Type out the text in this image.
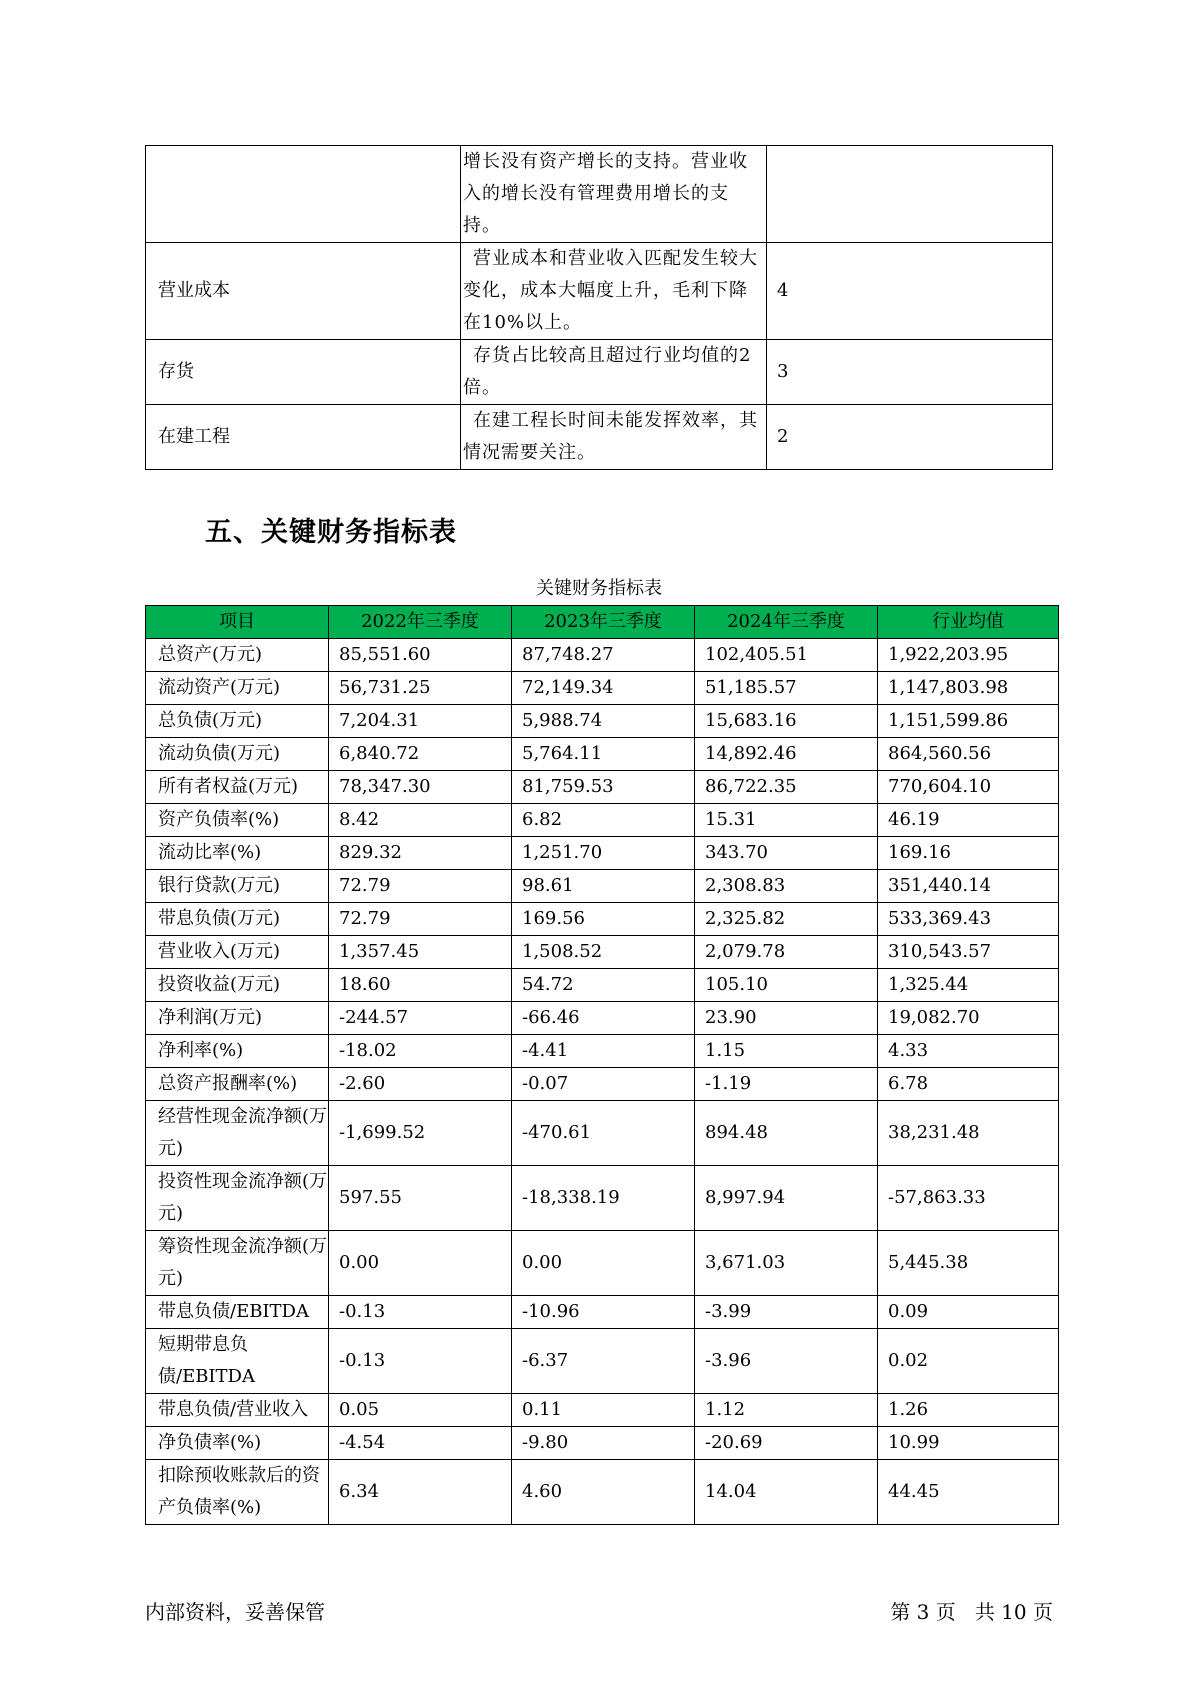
	增长没有资产增长的支持。营业收入的增长没有管理费用增长的支持。	
营业成本	营业成本和营业收入匹配发生较大变化，成本大幅度上升，毛利下降在10%以上。	4
存货	存货占比较高且超过行业均值的2倍。	3
在建工程	在建工程长时间未能发挥效率，其情况需要关注。	2
五、关键财务指标表
关键财务指标表
项目	2022年三季度	2023年三季度	2024年三季度	行业均值
总资产(万元)	85,551.60	87,748.27	102,405.51	1,922,203.95
流动资产(万元)	56,731.25	72,149.34	51,185.57	1,147,803.98
总负债(万元)	7,204.31	5,988.74	15,683.16	1,151,599.86
流动负债(万元)	6,840.72	5,764.11	14,892.46	864,560.56
所有者权益(万元)	78,347.30	81,759.53	86,722.35	770,604.10
资产负债率(%)	8.42	6.82	15.31	46.19
流动比率(%)	829.32	1,251.70	343.70	169.16
银行贷款(万元)	72.79	98.61	2,308.83	351,440.14
带息负债(万元)	72.79	169.56	2,325.82	533,369.43
营业收入(万元)	1,357.45	1,508.52	2,079.78	310,543.57
投资收益(万元)	18.60	54.72	105.10	1,325.44
净利润(万元)	-244.57	-66.46	23.90	19,082.70
净利率(%)	-18.02	-4.41	1.15	4.33
总资产报酬率(%)	-2.60	-0.07	-1.19	6.78
经营性现金流净额(万元)	-1,699.52	-470.61	894.48	38,231.48
投资性现金流净额(万元)	597.55	-18,338.19	8,997.94	-57,863.33
筹资性现金流净额(万元)	0.00	0.00	3,671.03	5,445.38
带息负债/EBITDA	-0.13	-10.96	-3.99	0.09
短期带息负债/EBITDA	-0.13	-6.37	-3.96	0.02
带息负债/营业收入	0.05	0.11	1.12	1.26
净负债率(%)	-4.54	-9.80	-20.69	10.99
扣除预收账款后的资产负债率(%)	6.34	4.60	14.04	44.45
内部资料，妥善保管	第 3 页   共 10 页
